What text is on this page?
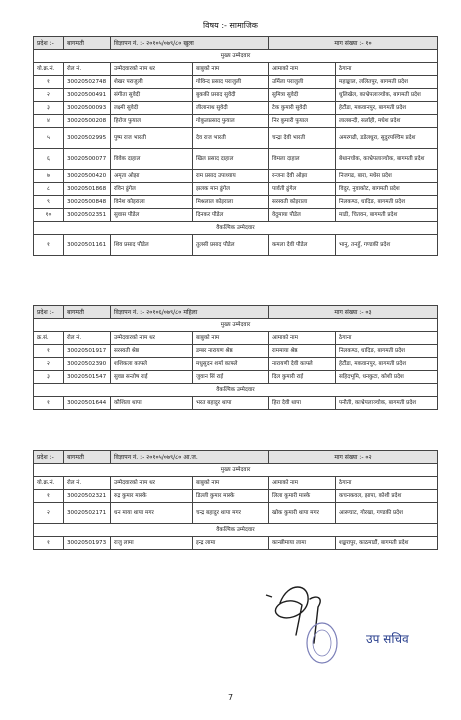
विषय :- सामाजिक
प्रदेश :-	बागमती	विज्ञापन नं. :- २०१०५/०७९/८० खुला		माग संख्या :- १०	
मुख्य उम्मेदवार					
यो.क्र.नं.	रोल नं.	उम्मेदवारको नाम थर	बाबुको नाम	आमाको नाम	ठेगाना
१	30020502748	शेखर पराजुली	गोविन्द प्रसाद पराजुली	उर्मिला पराजुली	महाङ्काल, ललितपुर, बागमती प्रदेश
२	30020500491	संगीता सुवेदी	बुककी प्रसाद सुवेदी	सुमित्रा सुवेदी	धुलिखेल, काभ्रेपलाञ्चोक, बागमती प्रदेश
३	30020500093	लक्ष्मी सुवेदी	लीलानाथ सुवेदी	टेक कुमारी सुवेदी	हेटौंडा, मकवानपुर, बागमती प्रदेश
४	30020500208	हिरोज फुयाल	गोकुलप्रसाद फुयाल	निर कुमारी फुयाल	लालबन्दी, सर्लाही, मधेश प्रदेश
५	30020502995	पुष्प राज भारती	देव राज भारती	चन्द्रा देवी भारती	अमरगढी, डडेलधुरा, सुदुरपश्चिम प्रदेश
६	30020500077	विवेक दाहाल	खिल प्रसाद दाहाल	विमला दाहाल	बेथानचोक, काभ्रेपलाञ्चोक, बागमती प्रदेश
७	30020500420	अमृता ओझा	राम प्रसाद उपाध्याय	रन्जना देवी ओझा	निजगढ, बारा, मधेस प्रदेश
८	30020501868	रविन ढुंगेल	झलक मान ढुंगेल	पार्वती ढुंगेल	विदुर, नुवाकोट, बागमती प्रदेश
९	30020500848	विनेश कोइराला	मिश्रलाल कोइराला	सरस्वती कोइराला	निलकण्ठ, धादिङ, बागमती प्रदेश
१०	30020502351	सुवास पौडेल	दिनकर पौडेल	वेदुमाया पौडेल	माडी, चितवन, बागमती प्रदेश
वैकल्पिक उम्मेदवार					
१	30020501161	शिव प्रसाद पौडेल	तुलसी प्रसाद पौडेल	कमला देवी पौडेल	भानु, तनहुँ, गण्डकी प्रदेश
प्रदेश :-	बागमती	विज्ञापन नं. :- २०१०६/०७९/८० महिला		माग संख्या :- ०३	
मुख्य उम्मेदवार					
क्र.सं.	रोल नं.	उम्मेदवारको नाम थर	बाबुको नाम	आमाको नाम	ठेगाना
१	30020501917	सरस्वती श्रेष्ठ	डम्बर नारायण श्रेष्ठ	राममाया श्रेष्ठ	निलकण्ठ, धादिङ, बागमती प्रदेश
२	30020502390	शशिकला काफ्ले	मधुसुदन शर्मा काफ्ले	नारायणी देवी काफ्ले	हेटौंडा, मकवानपुर, बागमती प्रदेश
३	30020501547	सुवन्न सन्तोष राई	जुवान सिं राई	दिल कुमारी राई	सहिदभूमि, धनकुटा, कोशी प्रदेश
वैकल्पिक उम्मेदवार					
१	30020501644	कौशिला थापा	भरत बहादुर थापा	हिरा देवी थापा	पनौती, काभ्रेपलाञ्चोक, बागमती प्रदेश
प्रदेश :-	बागमती	विज्ञापन नं. :- २०१०५/०७९/८० आ.ज.		माग संख्या :- ०२	
मुख्य उम्मेदवार					
यो.क्र.नं.	रोल नं.	उम्मेदवारको नाम थर	बाबुको नाम	आमाको नाम	ठेगाना
१	30020502321	रुद्र कुमार मास्के	डिल्ली कुमार मास्के	लिला कुमारी मास्के	कचनकवल, झापा, कोशी प्रदेश
२	30020502171	धन माया थापा मगर	चन्द्र बहादुर थापा मगर	खोक कुमारी थापा मगर	आरूघाट, गोरखा, गण्डकी प्रदेश
वैकल्पिक उम्मेदवार					
१	30020501973	राजु लामा	इन्द्र लामा	कान्छीमाया लामा	शङ्खरापुर, काठमाडौं, बागमती प्रदेश
उप सचिव
7
